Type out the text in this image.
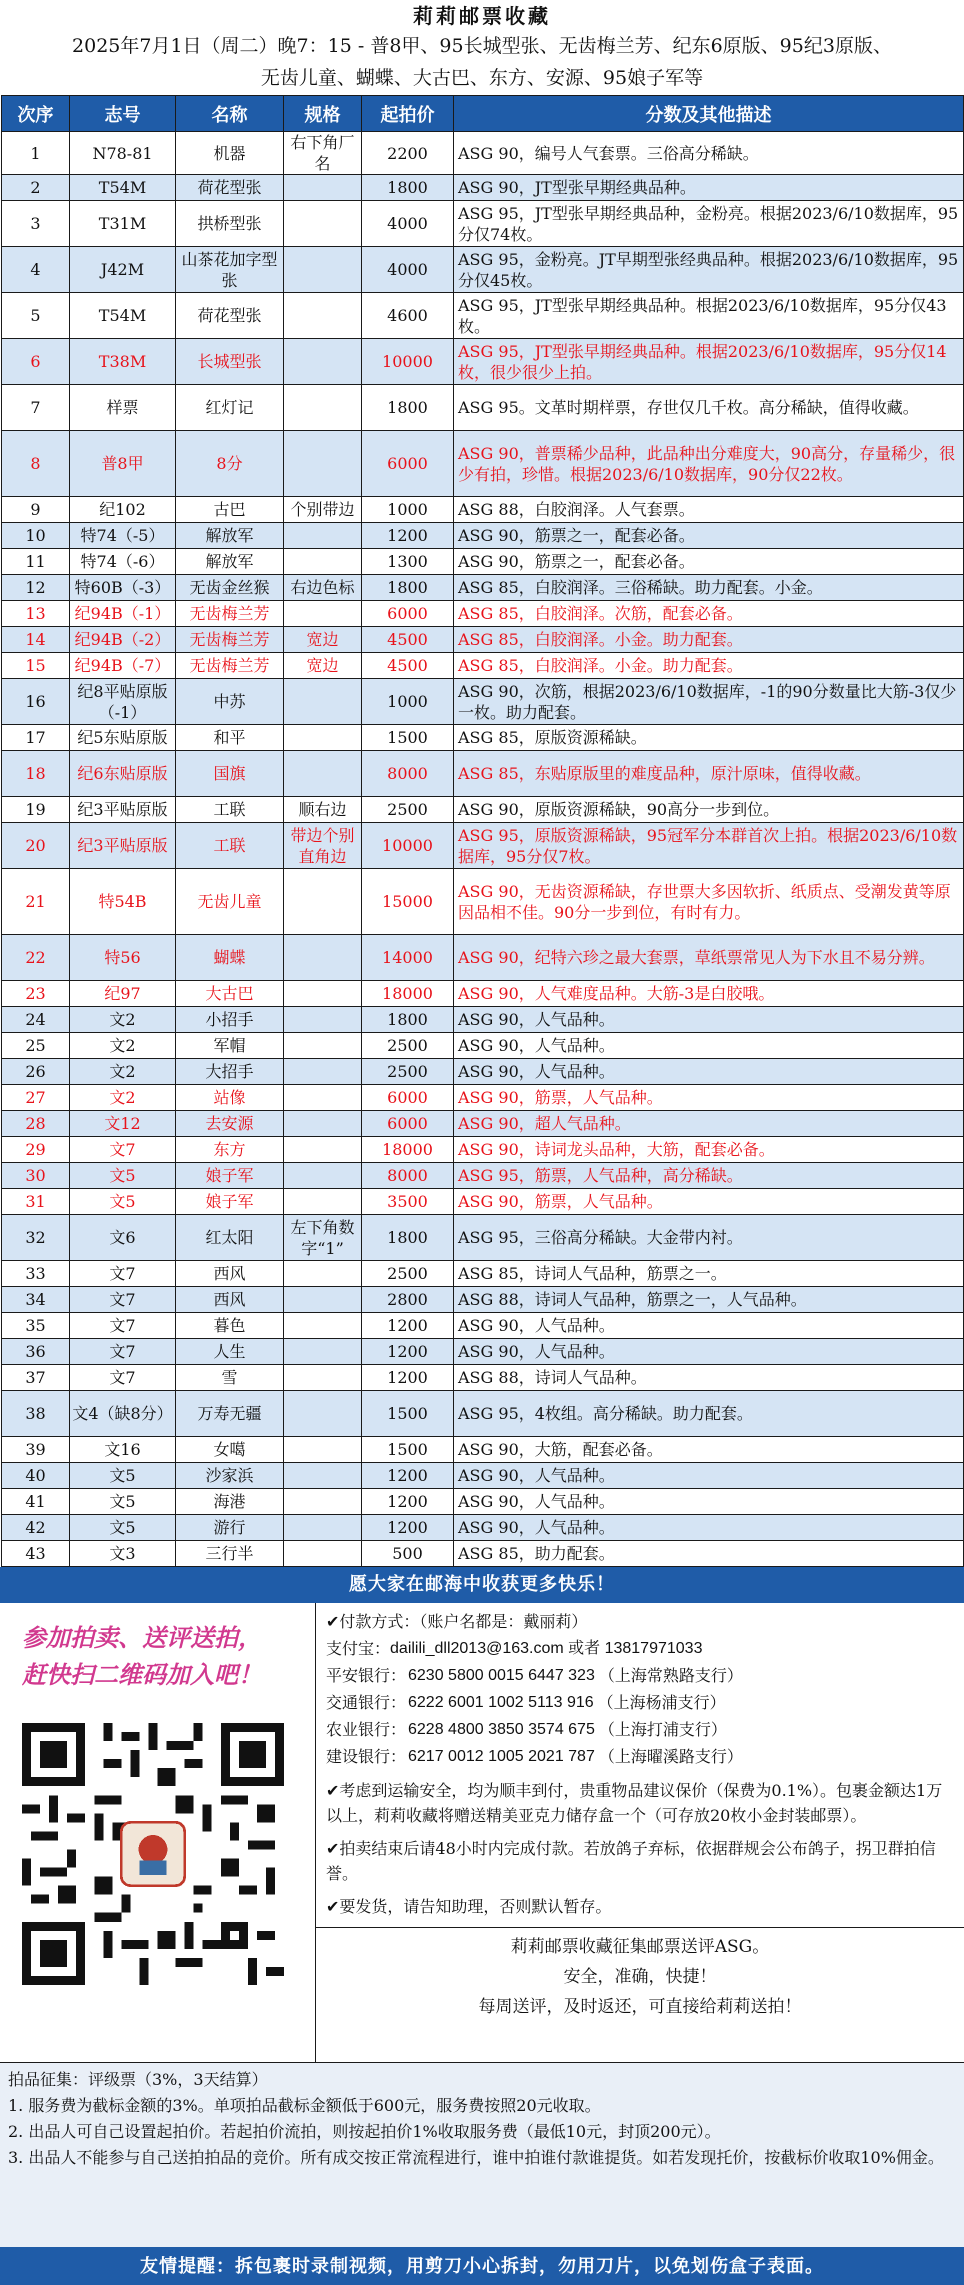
莉莉邮票收藏
2025年7月1日（周二）晚7：15 - 普8甲、95长城型张、无齿梅兰芳、纪东6原版、95纪3原版、
无齿儿童、蝴蝶、大古巴、东方、安源、95娘子军等
次序	志号	名称	规格	起拍价	分数及其他描述
1	N78-81	机器	右下角厂名	2200	ASG 90，编号人气套票。三俗高分稀缺。
2	T54M	荷花型张		1800	ASG 90，JT型张早期经典品种。
3	T31M	拱桥型张		4000	ASG 95，JT型张早期经典品种，金粉亮。根据2023/6/10数据库，95分仅74枚。
4	J42M	山茶花加字型张		4000	ASG 95，金粉亮。JT早期型张经典品种。根据2023/6/10数据库，95分仅45枚。
5	T54M	荷花型张		4600	ASG 95，JT型张早期经典品种。根据2023/6/10数据库，95分仅43枚。
6	T38M	长城型张		10000	ASG 95，JT型张早期经典品种。根据2023/6/10数据库，95分仅14枚，很少很少上拍。
7	样票	红灯记		1800	ASG 95。文革时期样票，存世仅几千枚。高分稀缺，值得收藏。
8	普8甲	8分		6000	ASG 90，普票稀少品种，此品种出分难度大，90高分，存量稀少，很少有拍，珍惜。根据2023/6/10数据库，90分仅22枚。
9	纪102	古巴	个别带边	1000	ASG 88，白胶润泽。人气套票。
10	特74（-5）	解放军		1200	ASG 90，筋票之一，配套必备。
11	特74（-6）	解放军		1300	ASG 90，筋票之一，配套必备。
12	特60B（-3）	无齿金丝猴	右边色标	1800	ASG 85，白胶润泽。三俗稀缺。助力配套。小金。
13	纪94B（-1）	无齿梅兰芳		6000	ASG 85，白胶润泽。次筋，配套必备。
14	纪94B（-2）	无齿梅兰芳	宽边	4500	ASG 85，白胶润泽。小金。助力配套。
15	纪94B（-7）	无齿梅兰芳	宽边	4500	ASG 85，白胶润泽。小金。助力配套。
16	纪8平贴原版（-1）	中苏		1000	ASG 90，次筋，根据2023/6/10数据库，-1的90分数量比大筋-3仅少一枚。助力配套。
17	纪5东贴原版	和平		1500	ASG 85，原版资源稀缺。
18	纪6东贴原版	国旗		8000	ASG 85，东贴原版里的难度品种，原汁原味，值得收藏。
19	纪3平贴原版	工联	顺右边	2500	ASG 90，原版资源稀缺，90高分一步到位。
20	纪3平贴原版	工联	带边个别直角边	10000	ASG 95，原版资源稀缺，95冠军分本群首次上拍。根据2023/6/10数据库，95分仅7枚。
21	特54B	无齿儿童		15000	ASG 90，无齿资源稀缺，存世票大多因软折、纸质点、受潮发黄等原因品相不佳。90分一步到位，有时有力。
22	特56	蝴蝶		14000	ASG 90，纪特六珍之最大套票，草纸票常见人为下水且不易分辨。
23	纪97	大古巴		18000	ASG 90，人气难度品种。大筋-3是白胶哦。
24	文2	小招手		1800	ASG 90，人气品种。
25	文2	军帽		2500	ASG 90，人气品种。
26	文2	大招手		2500	ASG 90，人气品种。
27	文2	站像		6000	ASG 90，筋票，人气品种。
28	文12	去安源		6000	ASG 90，超人气品种。
29	文7	东方		18000	ASG 90，诗词龙头品种，大筋，配套必备。
30	文5	娘子军		8000	ASG 95，筋票，人气品种，高分稀缺。
31	文5	娘子军		3500	ASG 90，筋票，人气品种。
32	文6	红太阳	左下角数字“1”	1800	ASG 95，三俗高分稀缺。大金带内衬。
33	文7	西风		2500	ASG 85，诗词人气品种，筋票之一。
34	文7	西风		2800	ASG 88，诗词人气品种，筋票之一，人气品种。
35	文7	暮色		1200	ASG 90，人气品种。
36	文7	人生		1200	ASG 90，人气品种。
37	文7	雪		1200	ASG 88，诗词人气品种。
38	文4（缺8分）	万寿无疆		1500	ASG 95，4枚组。高分稀缺。助力配套。
39	文16	女噶		1500	ASG 90，大筋，配套必备。
40	文5	沙家浜		1200	ASG 90，人气品种。
41	文5	海港		1200	ASG 90，人气品种。
42	文5	游行		1200	ASG 90，人气品种。
43	文3	三行半		500	ASG 85，助力配套。
愿大家在邮海中收获更多快乐！
参加拍卖、送评送拍，
赶快扫二维码加入吧！
✔付款方式：（账户名都是：戴丽莉）
支付宝： dailili_dll2013@163.com 或者 13817971033
平安银行： 6230 5800 0015 6447 323 （上海常熟路支行）
交通银行： 6222 6001 1002 5113 916 （上海杨浦支行）
农业银行： 6228 4800 3850 3574 675 （上海打浦支行）
建设银行： 6217 0012 1005 2021 787 （上海曜溪路支行）
✔考虑到运输安全，均为顺丰到付，贵重物品建议保价（保费为0.1%）。包裹金额达1万以上，莉莉收藏将赠送精美亚克力储存盒一个（可存放20枚小金封装邮票）。
✔拍卖结束后请48小时内完成付款。若放鸽子弃标，依据群规会公布鸽子，拐卫群拍信誉。
✔要发货，请告知助理，否则默认暂存。
莉莉邮票收藏征集邮票送评ASG。
安全，准确，快捷！
每周送评，及时返还，可直接给莉莉送拍！
拍品征集：评级票（3%，3天结算）
1. 服务费为截标金额的3%。单项拍品截标金额低于600元，服务费按照20元收取。
2. 出品人可自己设置起拍价。若起拍价流拍，则按起拍价1%收取服务费（最低10元，封顶200元）。
3. 出品人不能参与自己送拍拍品的竞价。所有成交按正常流程进行，谁中拍谁付款谁提货。如若发现托价，按截标价收取10%佣金。
友情提醒：拆包裹时录制视频，用剪刀小心拆封，勿用刀片，以免划伤盒子表面。
